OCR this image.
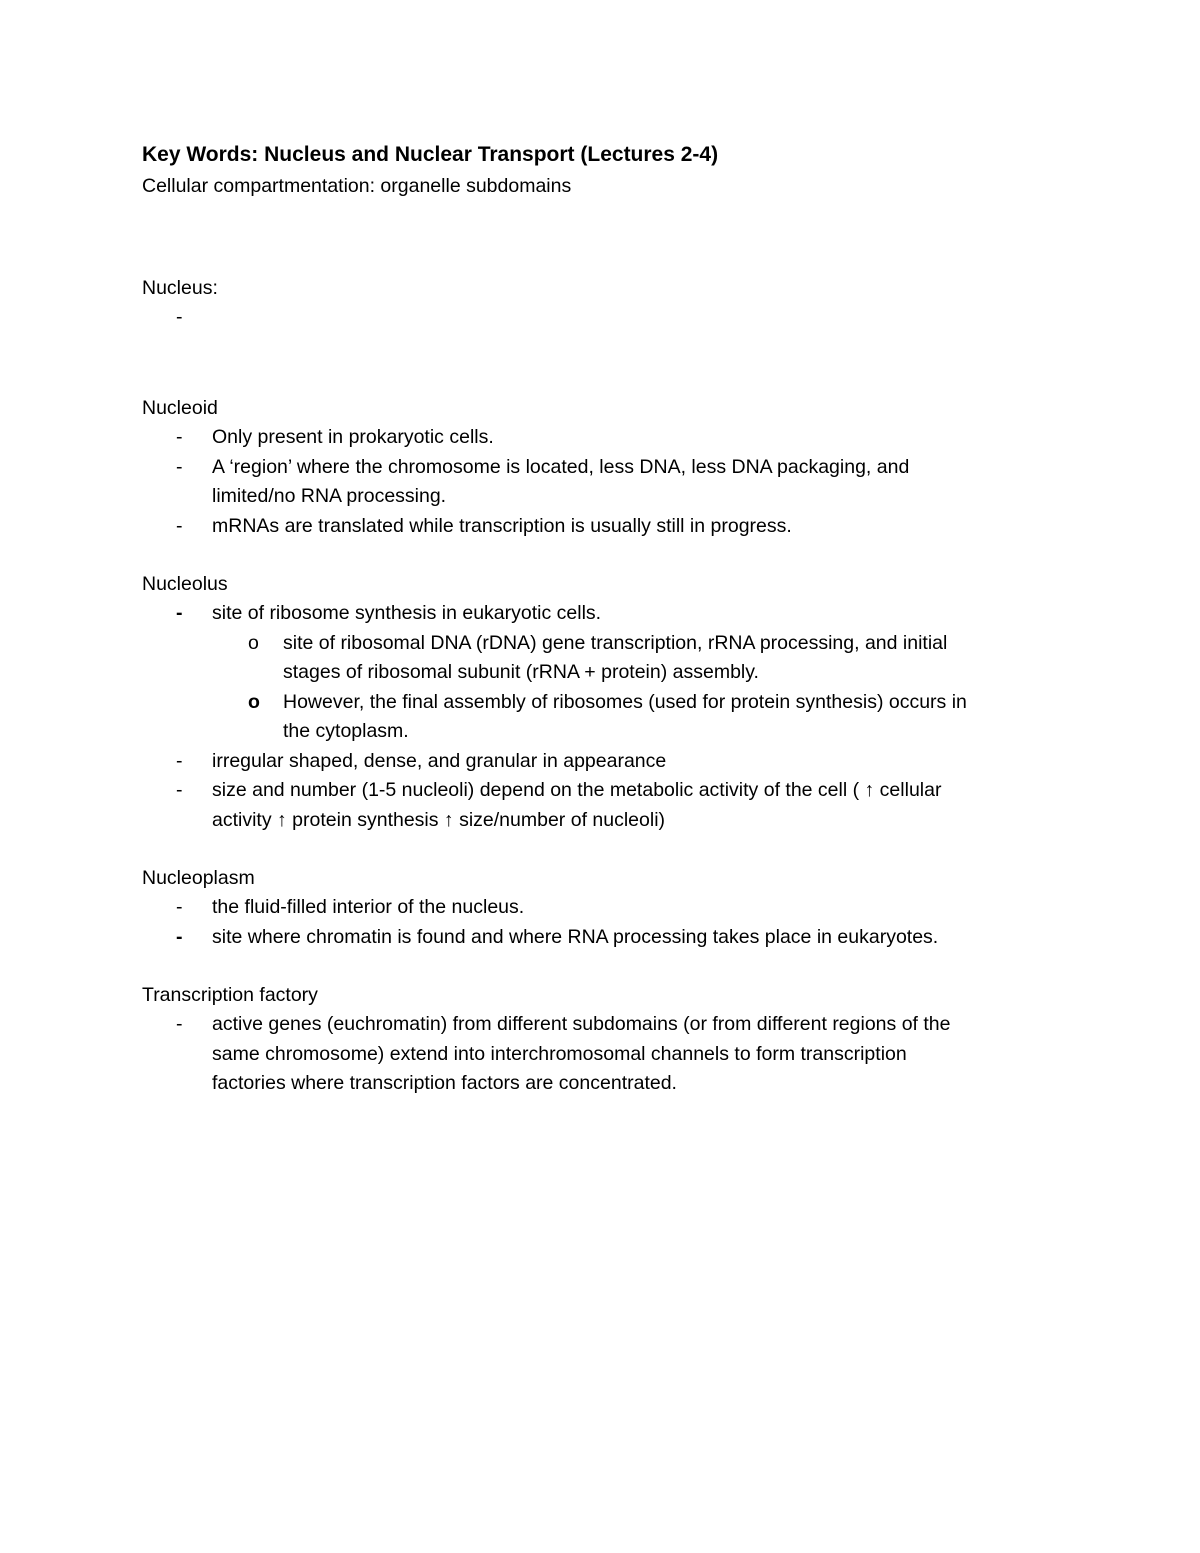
Key Words: Nucleus and Nuclear Transport (Lectures 2-4)
Cellular compartmentation: organelle subdomains
Nucleus:
-
Nucleoid
-	Only present in prokaryotic cells.
-	A ‘region’ where the chromosome is located, less DNA, less DNA packaging, and
limited/no RNA processing.
-	mRNAs are translated while transcription is usually still in progress.
Nucleolus
-	site of ribosome synthesis in eukaryotic cells.
o	site of ribosomal DNA (rDNA) gene transcription, rRNA processing, and initial
stages of ribosomal subunit (rRNA + protein) assembly.
o	However, the final assembly of ribosomes (used for protein synthesis) occurs in
the cytoplasm.
-	irregular shaped, dense, and granular in appearance
-	size and number (1-5 nucleoli) depend on the metabolic activity of the cell ( ↑ cellular
activity ↑ protein synthesis ↑ size/number of nucleoli)
Nucleoplasm
-	the fluid-filled interior of the nucleus.
-	site where chromatin is found and where RNA processing takes place in eukaryotes.
Transcription factory
-	active genes (euchromatin) from different subdomains (or from different regions of the
same chromosome) extend into interchromosomal channels to form transcription
factories where transcription factors are concentrated.
